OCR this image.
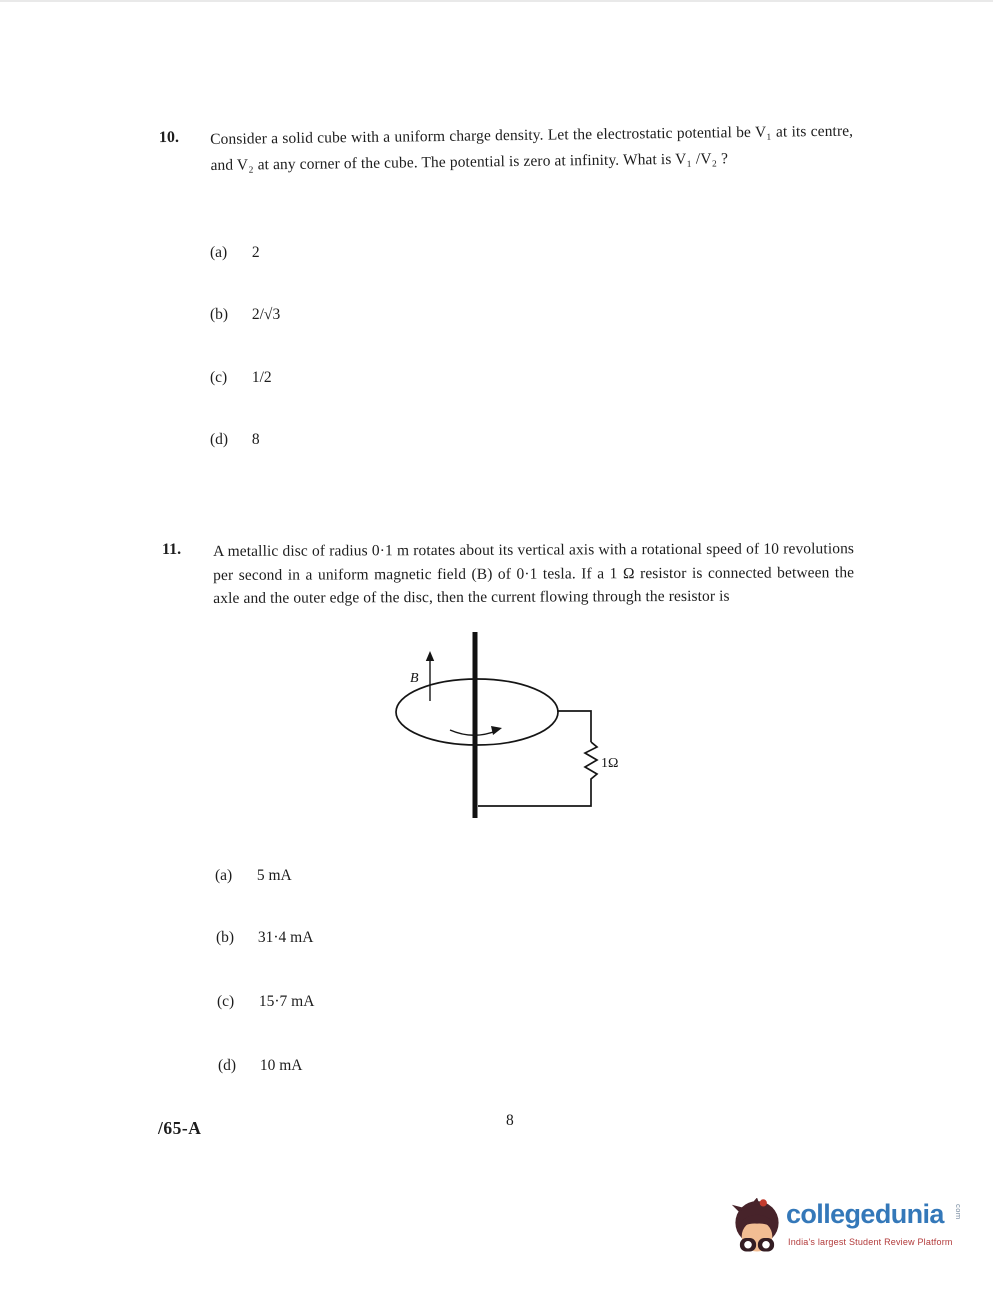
10. Consider a solid cube with a uniform charge density. Let the electrostatic potential be V₁ at its centre, and V₂ at any corner of the cube. The potential is zero at infinity. What is V₁ /V₂ ?

(a) 2
(b) 2/√3
(c) 1/2
(d) 8
11. A metallic disc of radius 0·1 m rotates about its vertical axis with a rotational speed of 10 revolutions per second in a uniform magnetic field (B) of 0·1 tesla. If a 1 Ω resistor is connected between the axle and the outer edge of the disc, then the current flowing through the resistor is

B
1Ω
(a) 5 mA
(b) 31·4 mA
(c) 15·7 mA
(d) 10 mA
/65-A	8
collegedunia com
India's largest Student Review Platform
